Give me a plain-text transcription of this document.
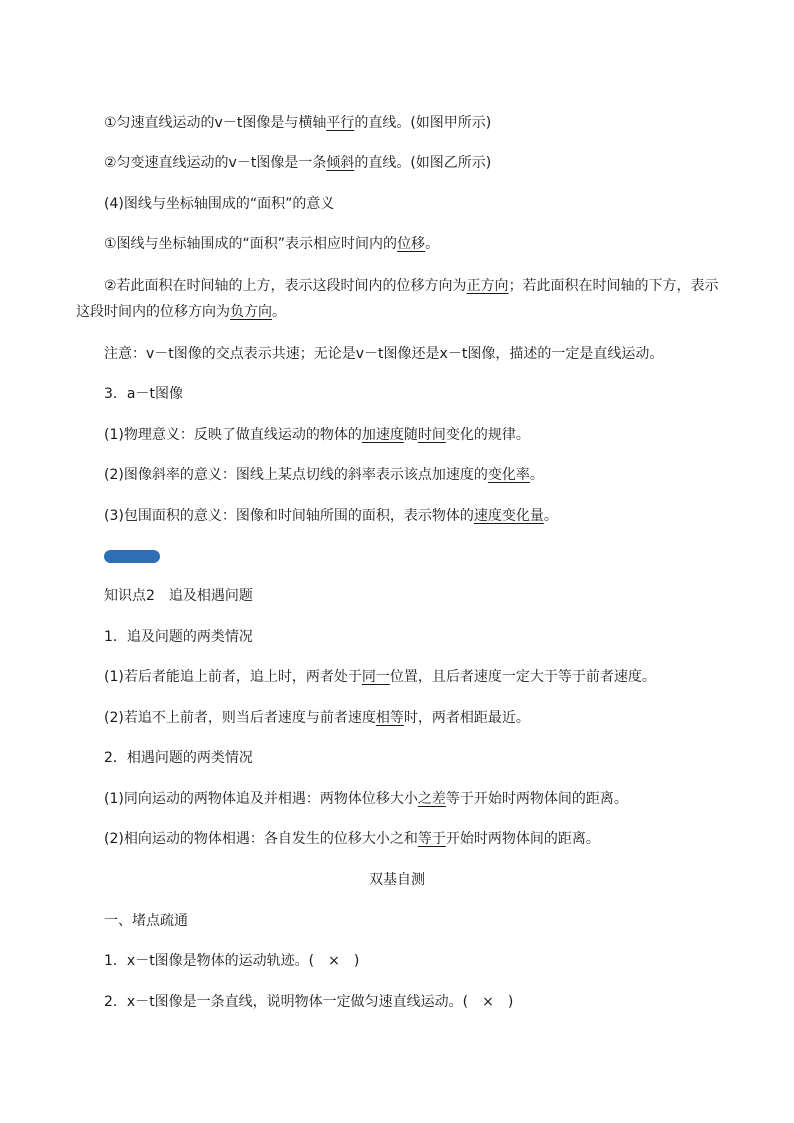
①匀速直线运动的v－t图像是与横轴平行的直线。(如图甲所示)
②匀变速直线运动的v－t图像是一条倾斜的直线。(如图乙所示)
(4)图线与坐标轴围成的“面积”的意义
①图线与坐标轴围成的“面积”表示相应时间内的位移。
②若此面积在时间轴的上方，表示这段时间内的位移方向为正方向；若此面积在时间轴的下方，表示这段时间内的位移方向为负方向。
注意：v－t图像的交点表示共速；无论是v－t图像还是x－t图像，描述的一定是直线运动。
3．a－t图像
(1)物理意义：反映了做直线运动的物体的加速度随时间变化的规律。
(2)图像斜率的意义：图线上某点切线的斜率表示该点加速度的变化率。
(3)包围面积的意义：图像和时间轴所围的面积，表示物体的速度变化量。
知识点2　追及相遇问题
1．追及问题的两类情况
(1)若后者能追上前者，追上时，两者处于同一位置，且后者速度一定大于等于前者速度。
(2)若追不上前者，则当后者速度与前者速度相等时，两者相距最近。
2．相遇问题的两类情况
(1)同向运动的两物体追及并相遇：两物体位移大小之差等于开始时两物体间的距离。
(2)相向运动的物体相遇：各自发生的位移大小之和等于开始时两物体间的距离。
双基自测
一、堵点疏通
1．x－t图像是物体的运动轨迹。(　×　)
2．x－t图像是一条直线，说明物体一定做匀速直线运动。(　×　)
